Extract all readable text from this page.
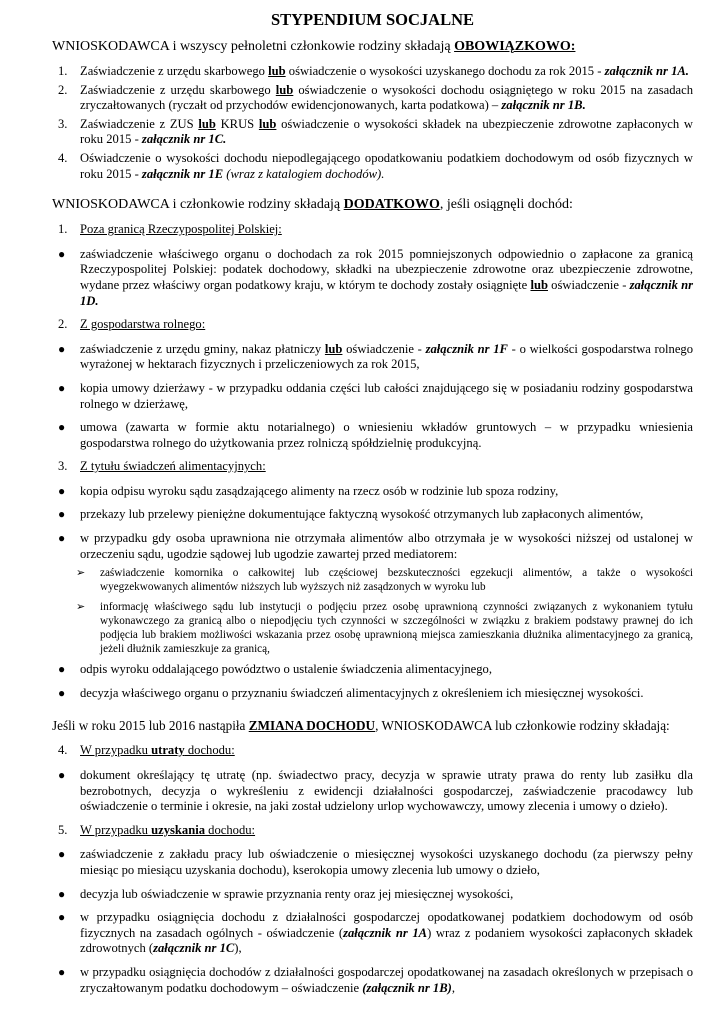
STYPENDIUM SOCJALNE
WNIOSKODAWCA i wszyscy pełnoletni członkowie rodziny składają OBOWIĄZKOWO:
1. Zaświadczenie z urzędu skarbowego lub oświadczenie o wysokości uzyskanego dochodu za rok 2015 - załącznik nr 1A.
2. Zaświadczenie z urzędu skarbowego lub oświadczenie o wysokości dochodu osiągniętego w roku 2015 na zasadach zryczałtowanych (ryczałt od przychodów ewidencjonowanych, karta podatkowa) – załącznik nr 1B.
3. Zaświadczenie z ZUS lub KRUS lub oświadczenie o wysokości składek na ubezpieczenie zdrowotne zapłaconych w roku 2015 - załącznik nr 1C.
4. Oświadczenie o wysokości dochodu niepodlegającego opodatkowaniu podatkiem dochodowym od osób fizycznych w roku 2015 - załącznik nr 1E (wraz z katalogiem dochodów).
WNIOSKODAWCA i członkowie rodziny składają DODATKOWO, jeśli osiągnęli dochód:
1. Poza granicą Rzeczypospolitej Polskiej:
● zaświadczenie właściwego organu o dochodach za rok 2015 pomniejszonych odpowiednio o zapłacone za granicą Rzeczypospolitej Polskiej: podatek dochodowy, składki na ubezpieczenie zdrowotne oraz ubezpieczenie zdrowotne, wydane przez właściwy organ podatkowy kraju, w którym te dochody zostały osiągnięte lub oświadczenie - załącznik nr 1D.
2. Z gospodarstwa rolnego:
● zaświadczenie z urzędu gminy, nakaz płatniczy lub oświadczenie - załącznik nr 1F - o wielkości gospodarstwa rolnego wyrażonej w hektarach fizycznych i przeliczeniowych za rok 2015,
● kopia umowy dzierżawy - w przypadku oddania części lub całości znajdującego się w posiadaniu rodziny gospodarstwa rolnego w dzierżawę,
● umowa (zawarta w formie aktu notarialnego) o wniesieniu wkładów gruntowych – w przypadku wniesienia gospodarstwa rolnego do użytkowania przez rolniczą spółdzielnię produkcyjną.
3. Z tytułu świadczeń alimentacyjnych:
● kopia odpisu wyroku sądu zasądzającego alimenty na rzecz osób w rodzinie lub spoza rodziny,
● przekazy lub przelewy pieniężne dokumentujące faktyczną wysokość otrzymanych lub zapłaconych alimentów,
● w przypadku gdy osoba uprawniona nie otrzymała alimentów albo otrzymała je w wysokości niższej od ustalonej w orzeczeniu sądu, ugodzie sądowej lub ugodzie zawartej przed mediatorem:
➢ zaświadczenie komornika o całkowitej lub częściowej bezskuteczności egzekucji alimentów, a także o wysokości wyegzekwowanych alimentów niższych lub wyższych niż zasądzonych w wyroku lub
➢ informację właściwego sądu lub instytucji o podjęciu przez osobę uprawnioną czynności związanych z wykonaniem tytułu wykonawczego za granicą albo o niepodjęciu tych czynności w szczególności w związku z brakiem podstawy prawnej do ich podjęcia lub brakiem możliwości wskazania przez osobę uprawnioną miejsca zamieszkania dłużnika alimentacyjnego za granicą, jeżeli dłużnik zamieszkuje za granicą,
● odpis wyroku oddalającego powództwo o ustalenie świadczenia alimentacyjnego,
● decyzja właściwego organu o przyznaniu świadczeń alimentacyjnych z określeniem ich miesięcznej wysokości.
Jeśli w roku 2015 lub 2016 nastąpiła ZMIANA DOCHODU, WNIOSKODAWCA lub członkowie rodziny składają:
4. W przypadku utraty dochodu:
● dokument określający tę utratę (np. świadectwo pracy, decyzja w sprawie utraty prawa do renty lub zasiłku dla bezrobotnych, decyzja o wykreśleniu z ewidencji działalności gospodarczej, zaświadczenie pracodawcy lub oświadczenie o terminie i okresie, na jaki został udzielony urlop wychowawczy, umowy zlecenia i umowy o dzieło).
5. W przypadku uzyskania dochodu:
● zaświadczenie z zakładu pracy lub oświadczenie o miesięcznej wysokości uzyskanego dochodu (za pierwszy pełny miesiąc po miesiącu uzyskania dochodu), kserokopia umowy zlecenia lub umowy o dzieło,
● decyzja lub oświadczenie w sprawie przyznania renty oraz jej miesięcznej wysokości,
● w przypadku osiągnięcia dochodu z działalności gospodarczej opodatkowanej podatkiem dochodowym od osób fizycznych na zasadach ogólnych - oświadczenie (załącznik nr 1A) wraz z podaniem wysokości zapłaconych składek zdrowotnych (załącznik nr 1C),
● w przypadku osiągnięcia dochodów z działalności gospodarczej opodatkowanej na zasadach określonych w przepisach o zryczałtowanym podatku dochodowym – oświadczenie (załącznik nr 1B),
